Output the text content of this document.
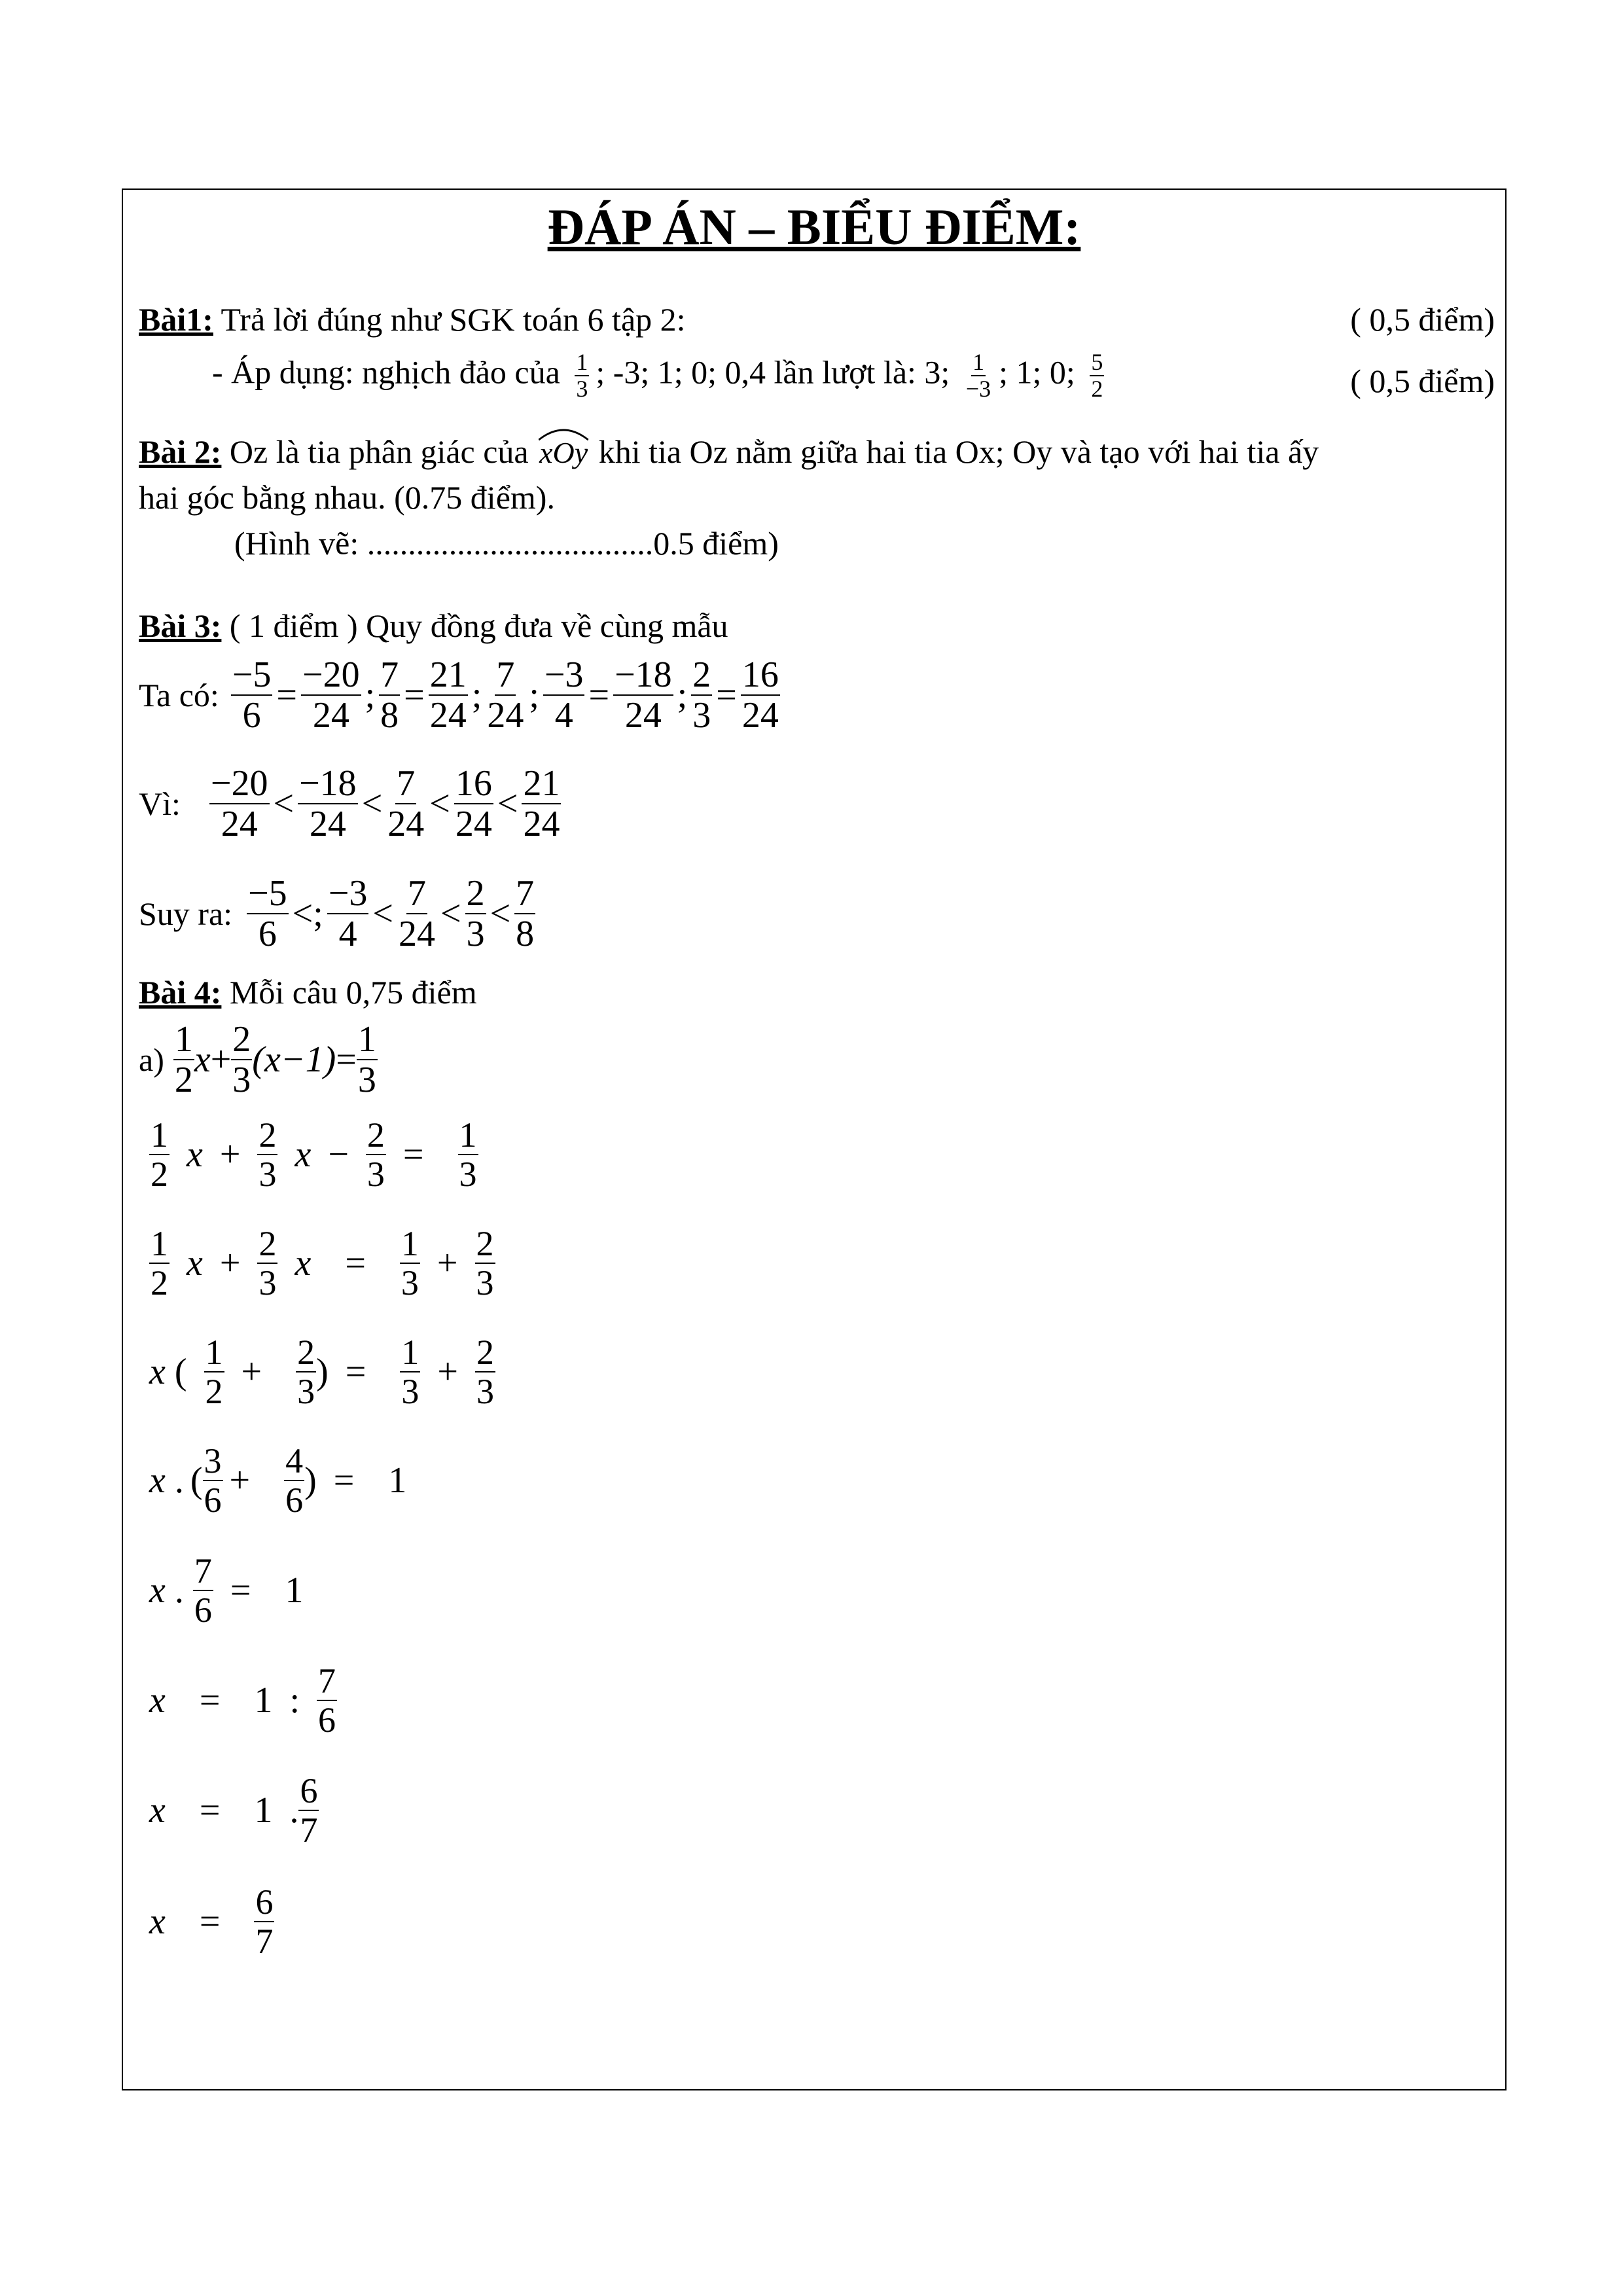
ĐÁP ÁN – BIỂU ĐIỂM:
Bài1: Trả lời đúng như SGK toán 6 tập 2:	( 0,5 điểm)
- Áp dụng: nghịch đảo của $\frac{1}{3}$ ; -3; 1; 0; 0,4 lần lượt là: 3; $\frac{1}{-3}$ ; 1; 0; $\frac{5}{2}$	( 0,5 điểm)
Bài 2: Oz là tia phân giác của xOy khi tia Oz nằm giữa hai tia Ox; Oy và tạo với hai tia ấy
hai góc bằng nhau. (0.75 điểm).
(Hình vẽ: ...................................0.5 điểm)
Bài 3: ( 1 điểm ) Quy đồng đưa về cùng mẫu
Ta có: $\frac{-5}{6} = \frac{-20}{24}$ ; $\frac{7}{8} = \frac{21}{24}$ ;
7
24 ; $\frac{-3}{4} = \frac{-18}{24}$ ; $\frac{2}{3} = \frac{16}{24}$
Vì:
−20
24 <
−18
24 <
7
24 <
16
24 <
21
24
Suy ra:
−5
6 <;
−3
4 <
7
24 <
2
3 <
7
8
Bài 4: Mỗi câu 0,75 điểm
a)
1
2 $x + \frac{2}{3} (x-1) = \frac{1}{3}$
1
2 x + 2
3 x − 2
3 = 1
3
1
2 x + 2
3 x = 1
3 + 2
3
x ( 1
2 + 2
3 ) = 1
3 + 2
3
x . ( 3
6 + 4
6 ) = 1
x . 7
6 = 1
x = 1 : 7
6
x = 1 . 6
7
x = 6
7
